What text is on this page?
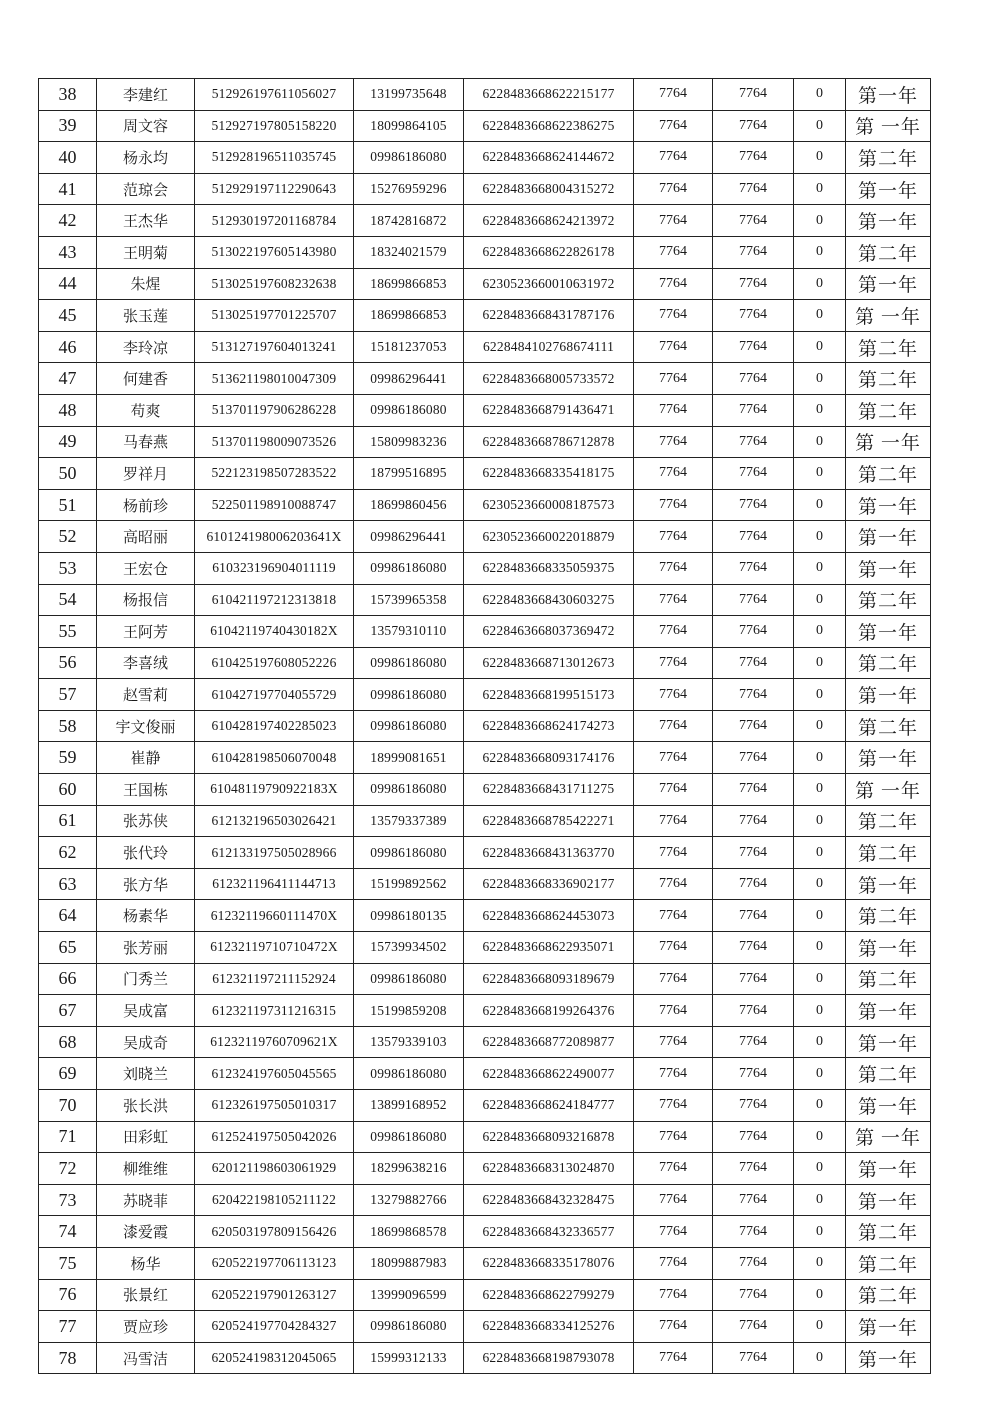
38	李建红	512926197611056027	13199735648	6228483668622215177	7764	7764	0	第一年
39	周文容	512927197805158220	18099864105	6228483668622386275	7764	7764	0	第 一年
40	杨永均	512928196511035745	09986186080	6228483668624144672	7764	7764	0	第二年
41	范琼会	512929197112290643	15276959296	6228483668004315272	7764	7764	0	第一年
42	王杰华	512930197201168784	18742816872	6228483668624213972	7764	7764	0	第一年
43	王明菊	513022197605143980	18324021579	6228483668622826178	7764	7764	0	第二年
44	朱煋	513025197608232638	18699866853	6230523660010631972	7764	7764	0	第一年
45	张玉莲	513025197701225707	18699866853	6228483668431787176	7764	7764	0	第 一年
46	李玲凉	513127197604013241	15181237053	6228484102768674111	7764	7764	0	第二年
47	何建香	513621198010047309	09986296441	6228483668005733572	7764	7764	0	第二年
48	苟爽	513701197906286228	09986186080	6228483668791436471	7764	7764	0	第二年
49	马春燕	513701198009073526	15809983236	6228483668786712878	7764	7764	0	第 一年
50	罗祥月	522123198507283522	18799516895	6228483668335418175	7764	7764	0	第二年
51	杨前珍	522501198910088747	18699860456	6230523660008187573	7764	7764	0	第一年
52	高昭丽	610124198006203641X	09986296441	6230523660022018879	7764	7764	0	第一年
53	王宏仓	610323196904011119	09986186080	6228483668335059375	7764	7764	0	第一年
54	杨报信	610421197212313818	15739965358	6228483668430603275	7764	7764	0	第二年
55	王阿芳	61042119740430182X	13579310110	6228463668037369472	7764	7764	0	第一年
56	李喜绒	610425197608052226	09986186080	6228483668713012673	7764	7764	0	第二年
57	赵雪莉	610427197704055729	09986186080	6228483668199515173	7764	7764	0	第一年
58	宇文俊丽	610428197402285023	09986186080	6228483668624174273	7764	7764	0	第二年
59	崔静	610428198506070048	18999081651	6228483668093174176	7764	7764	0	第一年
60	王国栋	61048119790922183X	09986186080	6228483668431711275	7764	7764	0	第 一年
61	张苏侠	612132196503026421	13579337389	6228483668785422271	7764	7764	0	第二年
62	张代玲	612133197505028966	09986186080	6228483668431363770	7764	7764	0	第二年
63	张方华	612321196411144713	15199892562	6228483668336902177	7764	7764	0	第一年
64	杨素华	61232119660111470X	09986180135	6228483668624453073	7764	7764	0	第二年
65	张芳丽	61232119710710472X	15739934502	6228483668622935071	7764	7764	0	第一年
66	门秀兰	612321197211152924	09986186080	6228483668093189679	7764	7764	0	第二年
67	吴成富	612321197311216315	15199859208	6228483668199264376	7764	7764	0	第一年
68	吴成奇	61232119760709621X	13579339103	6228483668772089877	7764	7764	0	第一年
69	刘晓兰	612324197605045565	09986186080	6228483668622490077	7764	7764	0	第二年
70	张长洪	612326197505010317	13899168952	6228483668624184777	7764	7764	0	第一年
71	田彩虹	612524197505042026	09986186080	6228483668093216878	7764	7764	0	第 一年
72	柳维维	620121198603061929	18299638216	6228483668313024870	7764	7764	0	第一年
73	苏晓菲	620422198105211122	13279882766	6228483668432328475	7764	7764	0	第一年
74	漆爱霞	620503197809156426	18699868578	6228483668432336577	7764	7764	0	第二年
75	杨华	620522197706113123	18099887983	6228483668335178076	7764	7764	0	第二年
76	张景红	620522197901263127	13999096599	6228483668622799279	7764	7764	0	第二年
77	贾应珍	620524197704284327	09986186080	6228483668334125276	7764	7764	0	第一年
78	冯雪洁	620524198312045065	15999312133	6228483668198793078	7764	7764	0	第一年
